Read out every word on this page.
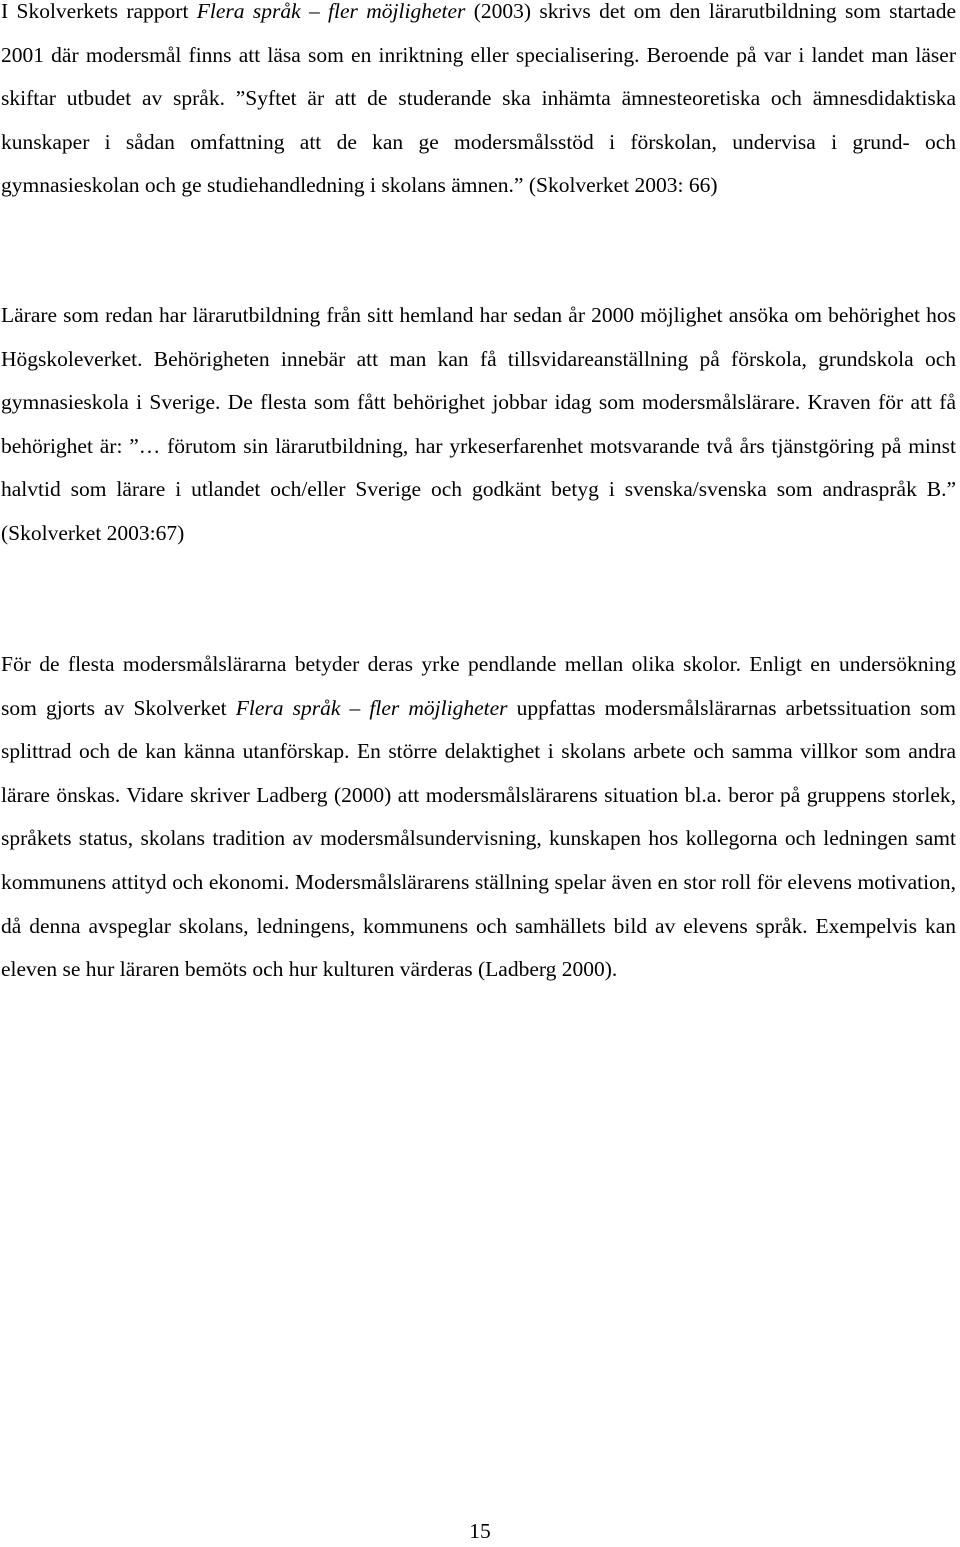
I Skolverkets rapport Flera språk – fler möjligheter (2003) skrivs det om den lärarutbildning som startade 2001 där modersmål finns att läsa som en inriktning eller specialisering. Beroende på var i landet man läser skiftar utbudet av språk. ”Syftet är att de studerande ska inhämta ämnesteoretiska och ämnesdidaktiska kunskaper i sådan omfattning att de kan ge modersmålsstöd i förskolan, undervisa i grund- och gymnasieskolan och ge studiehandledning i skolans ämnen.” (Skolverket 2003: 66)

Lärare som redan har lärarutbildning från sitt hemland har sedan år 2000 möjlighet ansöka om behörighet hos Högskoleverket. Behörigheten innebär att man kan få tillsvidareanställning på förskola, grundskola och gymnasieskola i Sverige. De flesta som fått behörighet jobbar idag som modersmålslärare. Kraven för att få behörighet är: ”… förutom sin lärarutbildning, har yrkeserfarenhet motsvarande två års tjänstgöring på minst halvtid som lärare i utlandet och/eller Sverige och godkänt betyg i svenska/svenska som andraspråk B.” (Skolverket 2003:67)

För de flesta modersmålslärarna betyder deras yrke pendlande mellan olika skolor. Enligt en undersökning som gjorts av Skolverket Flera språk – fler möjligheter uppfattas modersmålslärarnas arbetssituation som splittrad och de kan känna utanförskap. En större delaktighet i skolans arbete och samma villkor som andra lärare önskas. Vidare skriver Ladberg (2000) att modersmålslärarens situation bl.a. beror på gruppens storlek, språkets status, skolans tradition av modersmålsundervisning, kunskapen hos kollegorna och ledningen samt kommunens attityd och ekonomi. Modersmålslärarens ställning spelar även en stor roll för elevens motivation, då denna avspeglar skolans, ledningens, kommunens och samhällets bild av elevens språk. Exempelvis kan eleven se hur läraren bemöts och hur kulturen värderas (Ladberg 2000).

15
